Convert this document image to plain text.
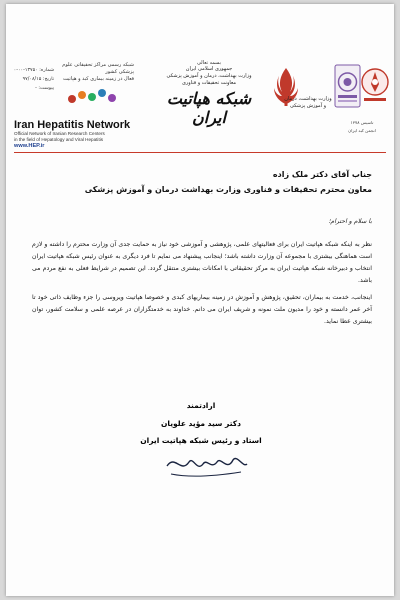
شماره: ۱۳۷۵۰-۰۰-۰
تاریخ: ۹۷/۰۸/۱۵
پیوست: -
شبکه رسمی مراکز تحقیقاتی علوم پزشکی کشور
فعال در زمینه بیماری کبد و هپاتیت
Iran Hepatitis Network
Official Network of Iranian Research Centers
in the field of Hepatology and Viral Hepatitis
www.HEP.ir
بسمه تعالی
جمهوری اسلامی ایران
وزارت بهداشت، درمان و آموزش پزشکی
معاونت تحقیقات و فناوری
شبکه هپاتیت ایران
وزارت بهداشت، درمان
و آموزش پزشکی
تاسیس ۱۳۷۸
انجمن کبد ایران
جناب آقای دکتر ملک زاده
معاون محترم تحقیقات و فناوری وزارت بهداشت درمان و آموزش پزشکی
با سلام و احترام؛

نظر به اینکه شبکه هپاتیت ایران برای فعالیتهای علمی، پژوهشی و آموزشی خود نیاز به حمایت جدی آن وزارت محترم را داشته و لازم است هماهنگی بیشتری با مجموعه آن وزارت داشته باشد؛ اینجانب پیشنهاد می نمایم تا فرد دیگری به عنوان رئیس شبکه هپاتیت ایران انتخاب و دبیرخانه شبکه هپاتیت ایران به مرکز تحقیقاتی با امکانات بیشتری منتقل گردد. این تصمیم در شرایط فعلی به نفع مردم می باشد.

اینجانب، خدمت به بیماران، تحقیق، پژوهش و آموزش در زمینه بیماریهای کبدی و خصوصا هپاتیت ویروسی را جزء وظایف ذاتی خود تا آخر عمر دانسته و خود را مدیون ملت نمونه و شریف ایران می دانم. خداوند به خدمتگزاران در عرصه علمی و سلامت کشور، توان بیشتری عطا نماید.

ارادتمند
دکتر سید مؤید علویان
استاد و رئیس شبکه هپاتیت ایران
